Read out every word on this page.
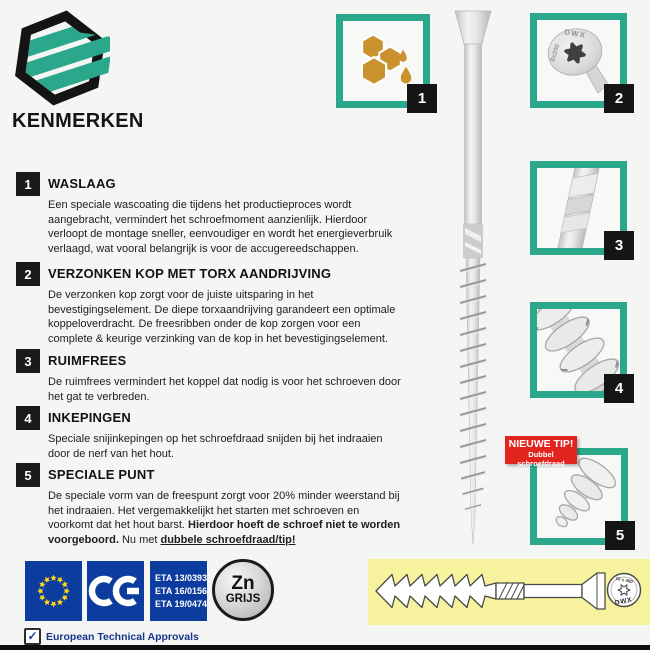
KENMERKEN
1	WASLAAG

Een speciale wascoating die tijdens het productieproces wordt aangebracht, vermindert het schroefmoment aanzienlijk. Hierdoor verloopt de montage sneller, eenvoudiger en wordt het energieverbruik verlaagd, wat vooral belangrijk is voor de accugereedschappen.

2	VERZONKEN KOP MET TORX AANDRIJVING

De verzonken kop zorgt voor de juiste uitsparing in het bevestigingselement. De diepe torxaandrijving garandeert een optimale koppeloverdracht. De freesribben onder de kop zorgen voor een complete & keurige verzinking van de kop in het bevestigingselement.

3	RUIMFREES

De ruimfrees vermindert het koppel dat nodig is voor het schroeven door het gat te verbreden.

4	INKEPINGEN

Speciale snijinkepingen op het schroefdraad snijden bij het indraaien door de nerf van het hout.

5	SPECIALE PUNT

De speciale vorm van de freespunt zorgt voor 20% minder weerstand bij het indraaien. Het vergemakkelijkt het starten met schroeven en voorkomt dat het hout barst. Hierdoor hoeft de schroef niet te worden voorgeboord. Nu met dubbele schroefdraad/tip!

1
DWX
8x200
2
3
4
5
NIEUWE TIP!
Dubbel schroefdraad
ETA 13/0393
ETA 16/0156
ETA 19/0474
Zn
GRIJS
✓ European Technical Approvals
10 x 400
DWX
